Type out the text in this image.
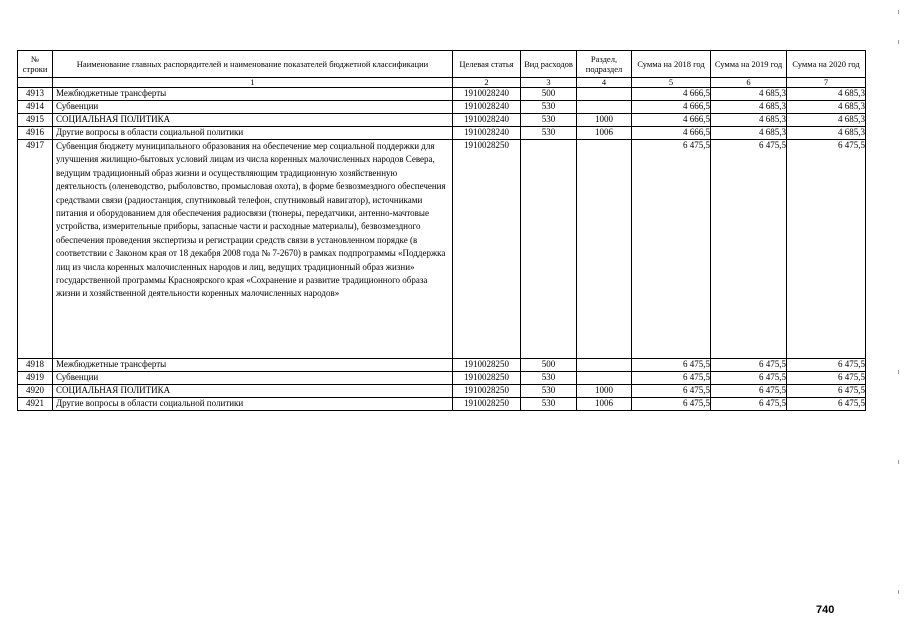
№ строки	Наименование главных распорядителей и наименование показателей бюджетной классификации	Целевая статья	Вид расходов	Раздел, подраздел	Сумма на 2018 год	Сумма на 2019 год	Сумма на 2020 год
	1	2	3	4	5	6	7
4913	Межбюджетные трансферты	1910028240	500		4 666,5	4 685,3	4 685,3
4914	Субвенции	1910028240	530		4 666,5	4 685,3	4 685,3
4915	СОЦИАЛЬНАЯ ПОЛИТИКА	1910028240	530	1000	4 666,5	4 685,3	4 685,3
4916	Другие вопросы в области социальной политики	1910028240	530	1006	4 666,5	4 685,3	4 685,3
4917	Субвенция бюджету муниципального образования на обеспечение мер социальной поддержки для улучшения жилищно-бытовых условий лицам из числа коренных малочисленных народов Севера, ведущим традиционный образ жизни и осуществляющим традиционную хозяйственную деятельность (оленеводство, рыболовство, промысловая охота), в форме безвозмездного обеспечения средствами связи (радиостанция, спутниковый телефон, спутниковый навигатор), источниками питания и оборудованием для обеспечения радиосвязи (тюнеры, передатчики, антенно-мачтовые устройства, измерительные приборы, запасные части и расходные материалы), безвозмездного обеспечения проведения экспертизы и регистрации средств связи в установленном порядке (в соответствии с Законом края от 18 декабря 2008 года № 7-2670) в рамках подпрограммы «Поддержка лиц из числа коренных малочисленных народов и лиц, ведущих традиционный образ жизни» государственной программы Красноярского края «Сохранение и развитие традиционного образа жизни и хозяйственной деятельности коренных малочисленных народов»	1910028250			6 475,5	6 475,5	6 475,5
4918	Межбюджетные трансферты	1910028250	500		6 475,5	6 475,5	6 475,5
4919	Субвенции	1910028250	530		6 475,5	6 475,5	6 475,5
4920	СОЦИАЛЬНАЯ ПОЛИТИКА	1910028250	530	1000	6 475,5	6 475,5	6 475,5
4921	Другие вопросы в области социальной политики	1910028250	530	1006	6 475,5	6 475,5	6 475,5
740
